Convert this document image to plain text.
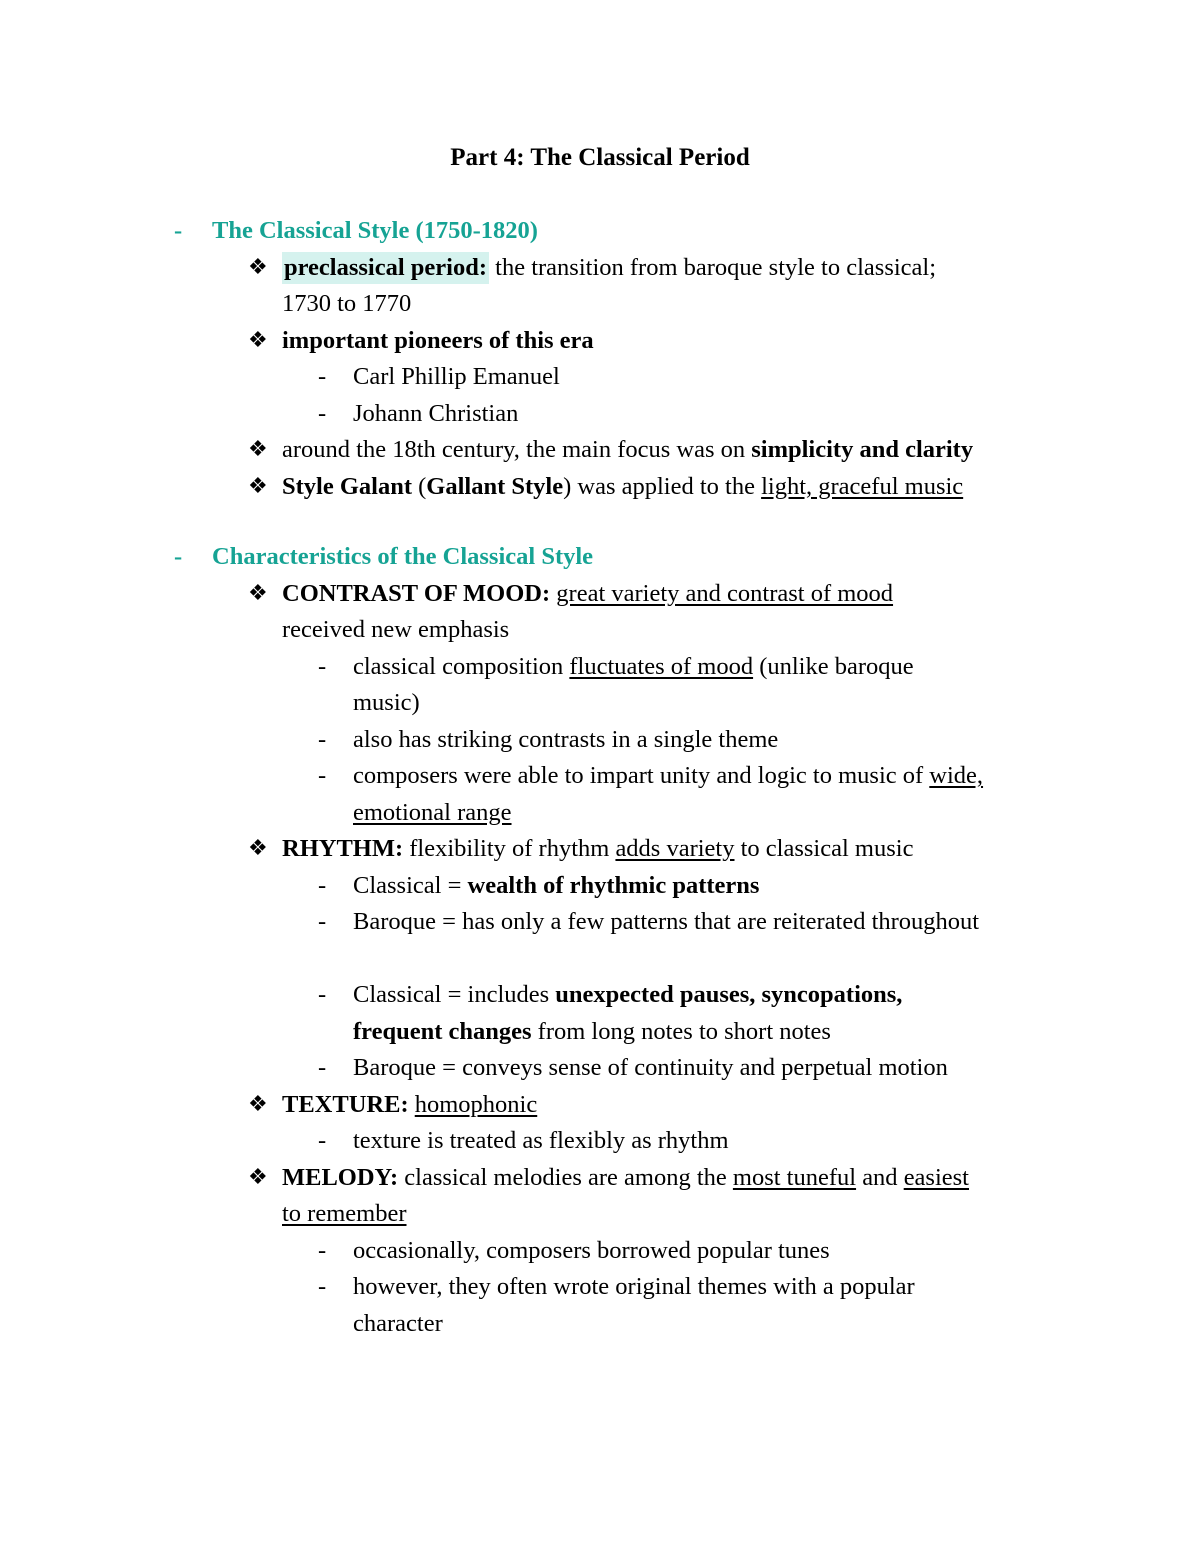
Part 4: The Classical Period
- The Classical Style (1750-1820)
❖ preclassical period: the transition from baroque style to classical;
1730 to 1770
❖ important pioneers of this era
- Carl Phillip Emanuel
- Johann Christian
❖ around the 18th century, the main focus was on simplicity and clarity
❖ Style Galant (Gallant Style) was applied to the light, graceful music
- Characteristics of the Classical Style
❖ CONTRAST OF MOOD: great variety and contrast of mood
received new emphasis
- classical composition fluctuates of mood (unlike baroque
music)
- also has striking contrasts in a single theme
- composers were able to impart unity and logic to music of wide,
emotional range
❖ RHYTHM: flexibility of rhythm adds variety to classical music
- Classical = wealth of rhythmic patterns
- Baroque = has only a few patterns that are reiterated throughout
- Classical = includes unexpected pauses, syncopations,
frequent changes from long notes to short notes
- Baroque = conveys sense of continuity and perpetual motion
❖ TEXTURE: homophonic
- texture is treated as flexibly as rhythm
❖ MELODY: classical melodies are among the most tuneful and easiest
to remember
- occasionally, composers borrowed popular tunes
- however, they often wrote original themes with a popular
character
